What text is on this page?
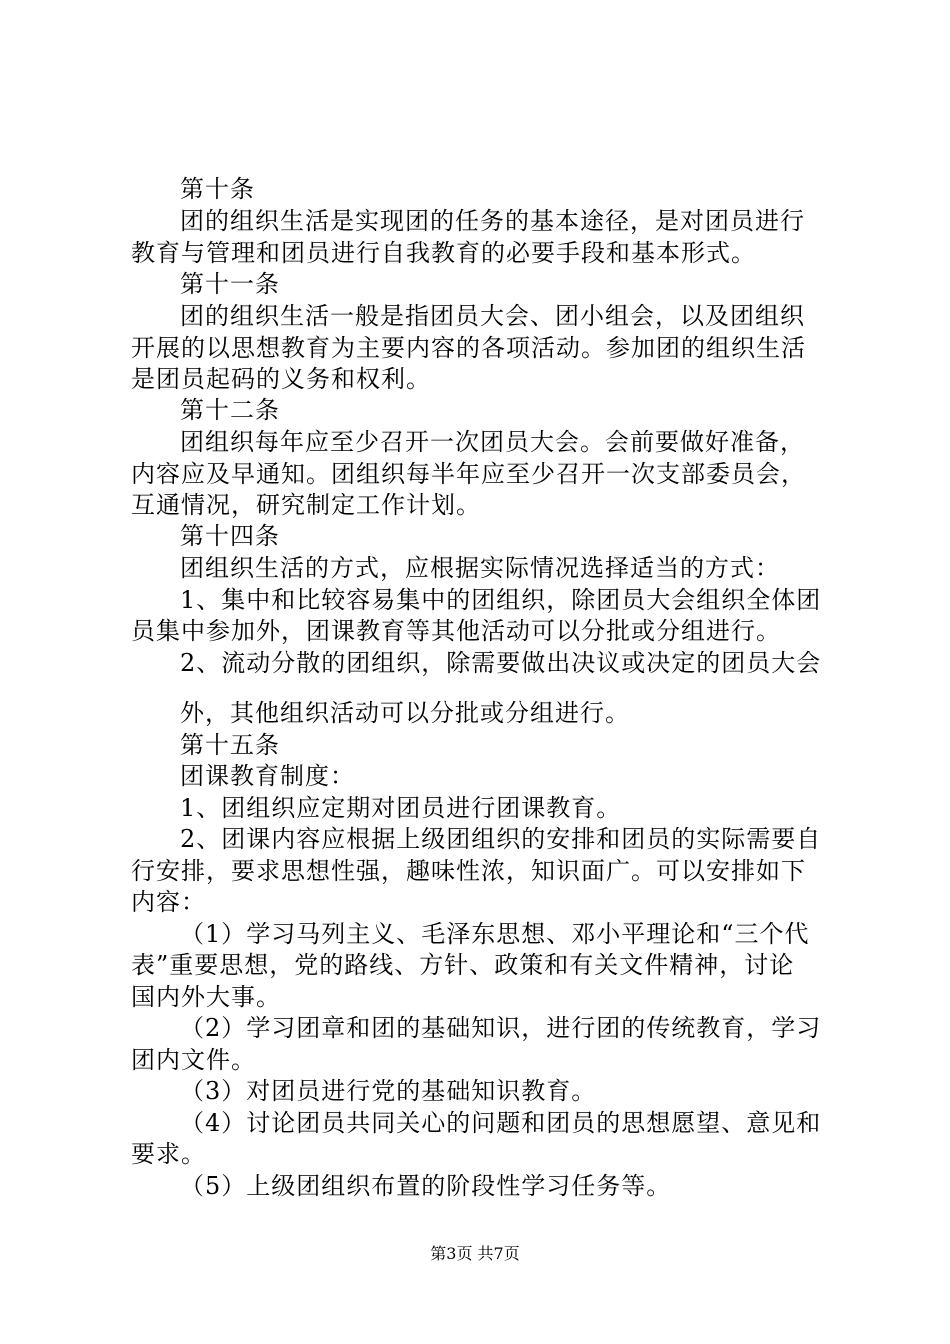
第十条
团的组织生活是实现团的任务的基本途径，是对团员进行
教育与管理和团员进行自我教育的必要手段和基本形式。
第十一条
团的组织生活一般是指团员大会、团小组会，以及团组织
开展的以思想教育为主要内容的各项活动。参加团的组织生活
是团员起码的义务和权利。
第十二条
团组织每年应至少召开一次团员大会。会前要做好准备，
内容应及早通知。团组织每半年应至少召开一次支部委员会，
互通情况，研究制定工作计划。
第十四条
团组织生活的方式，应根据实际情况选择适当的方式：
1、集中和比较容易集中的团组织，除团员大会组织全体团
员集中参加外，团课教育等其他活动可以分批或分组进行。
2、流动分散的团组织，除需要做出决议或决定的团员大会
外，其他组织活动可以分批或分组进行。
第十五条
团课教育制度：
1、团组织应定期对团员进行团课教育。
2、团课内容应根据上级团组织的安排和团员的实际需要自
行安排，要求思想性强，趣味性浓，知识面广。可以安排如下
内容：
（1）学习马列主义、毛泽东思想、邓小平理论和“三个代
表”重要思想，党的路线、方针、政策和有关文件精神，讨论
国内外大事。
（2）学习团章和团的基础知识，进行团的传统教育，学习
团内文件。
（3）对团员进行党的基础知识教育。
（4）讨论团员共同关心的问题和团员的思想愿望、意见和
要求。
（5）上级团组织布置的阶段性学习任务等。
第3页 共7页
